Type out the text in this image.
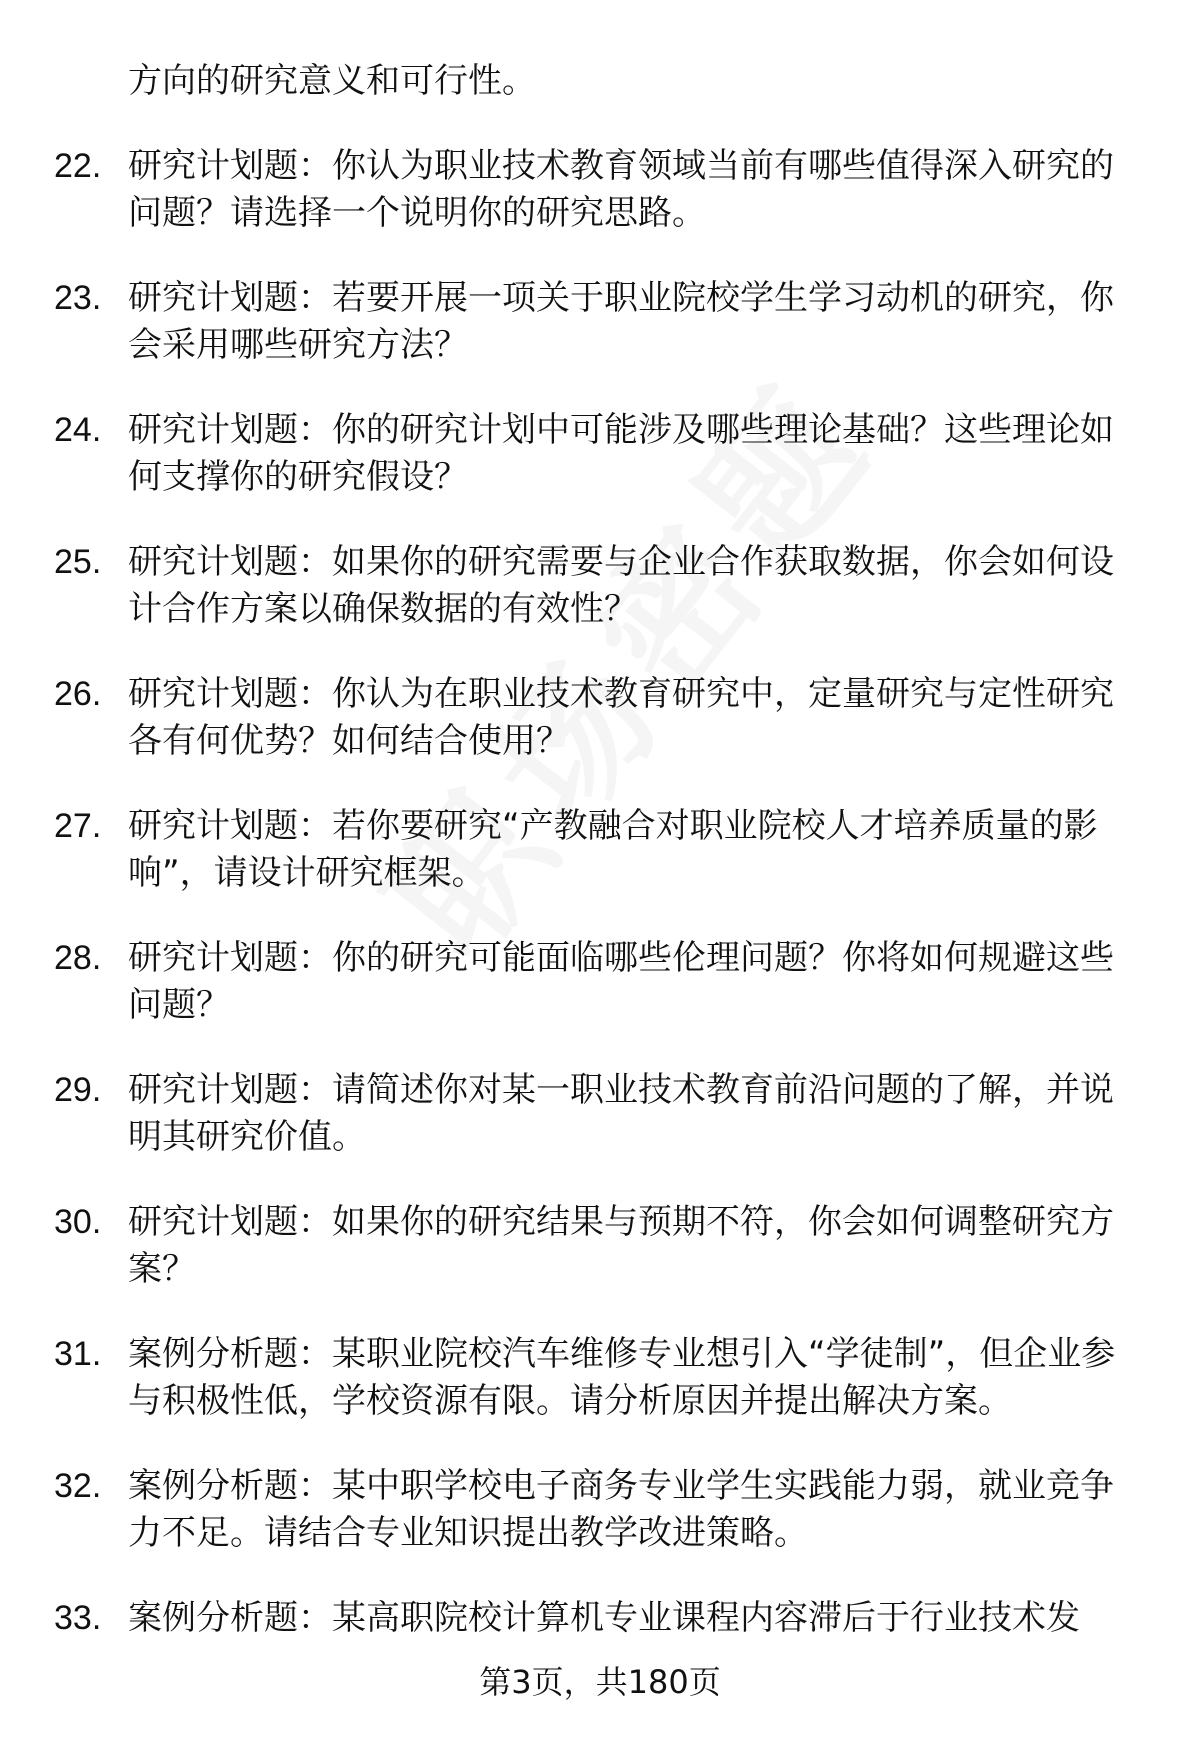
方向的研究意义和可行性。
22. 研究计划题：你认为职业技术教育领域当前有哪些值得深入研究的问题？请选择一个说明你的研究思路。
23. 研究计划题：若要开展一项关于职业院校学生学习动机的研究，你会采用哪些研究方法？
24. 研究计划题：你的研究计划中可能涉及哪些理论基础？这些理论如何支撑你的研究假设？
25. 研究计划题：如果你的研究需要与企业合作获取数据，你会如何设计合作方案以确保数据的有效性？
26. 研究计划题：你认为在职业技术教育研究中，定量研究与定性研究各有何优势？如何结合使用？
27. 研究计划题：若你要研究“产教融合对职业院校人才培养质量的影响”，请设计研究框架。
28. 研究计划题：你的研究可能面临哪些伦理问题？你将如何规避这些问题？
29. 研究计划题：请简述你对某一职业技术教育前沿问题的了解，并说明其研究价值。
30. 研究计划题：如果你的研究结果与预期不符，你会如何调整研究方案？
31. 案例分析题：某职业院校汽车维修专业想引入“学徒制”，但企业参与积极性低，学校资源有限。请分析原因并提出解决方案。
32. 案例分析题：某中职学校电子商务专业学生实践能力弱，就业竞争力不足。请结合专业知识提出教学改进策略。
33. 案例分析题：某高职院校计算机专业课程内容滞后于行业技术发
第3页，共180页
